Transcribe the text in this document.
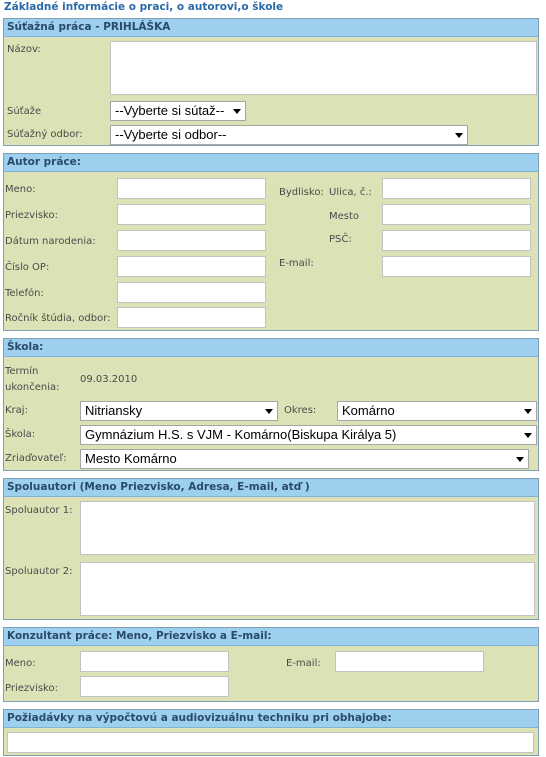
Základné informácie o praci, o autorovi,o škole
Súťažná práca - PRIHLÁŠKA
Názov:
Súťaže	--Vyberte si sútaž--
Súťažný odbor:	--Vyberte si odbor--
Autor práce:
Meno:
Priezvisko:
Dátum narodenia:
Číslo OP:
Telefón:
Ročník štúdia, odbor:
Bydlisko: Ulica, č.:
Mesto
PSČ:
E-mail:
Škola:
Termín
ukončenia:
09.03.2010
Kraj:	Nitriansky	Okres:	Komárno
Škola:	Gymnázium H.S. s VJM - Komárno(Biskupa Királya 5)
Zriaďovateľ:	Mesto Komárno
Spoluautori (Meno Priezvisko, Adresa, E-mail, atď )
Spoluautor 1:
Spoluautor 2:
Konzultant práce: Meno, Priezvisko a E-mail:
Meno:	E-mail:
Priezvisko:
Požiadávky na výpočtovú a audiovizuálnu techniku pri obhajobe:
